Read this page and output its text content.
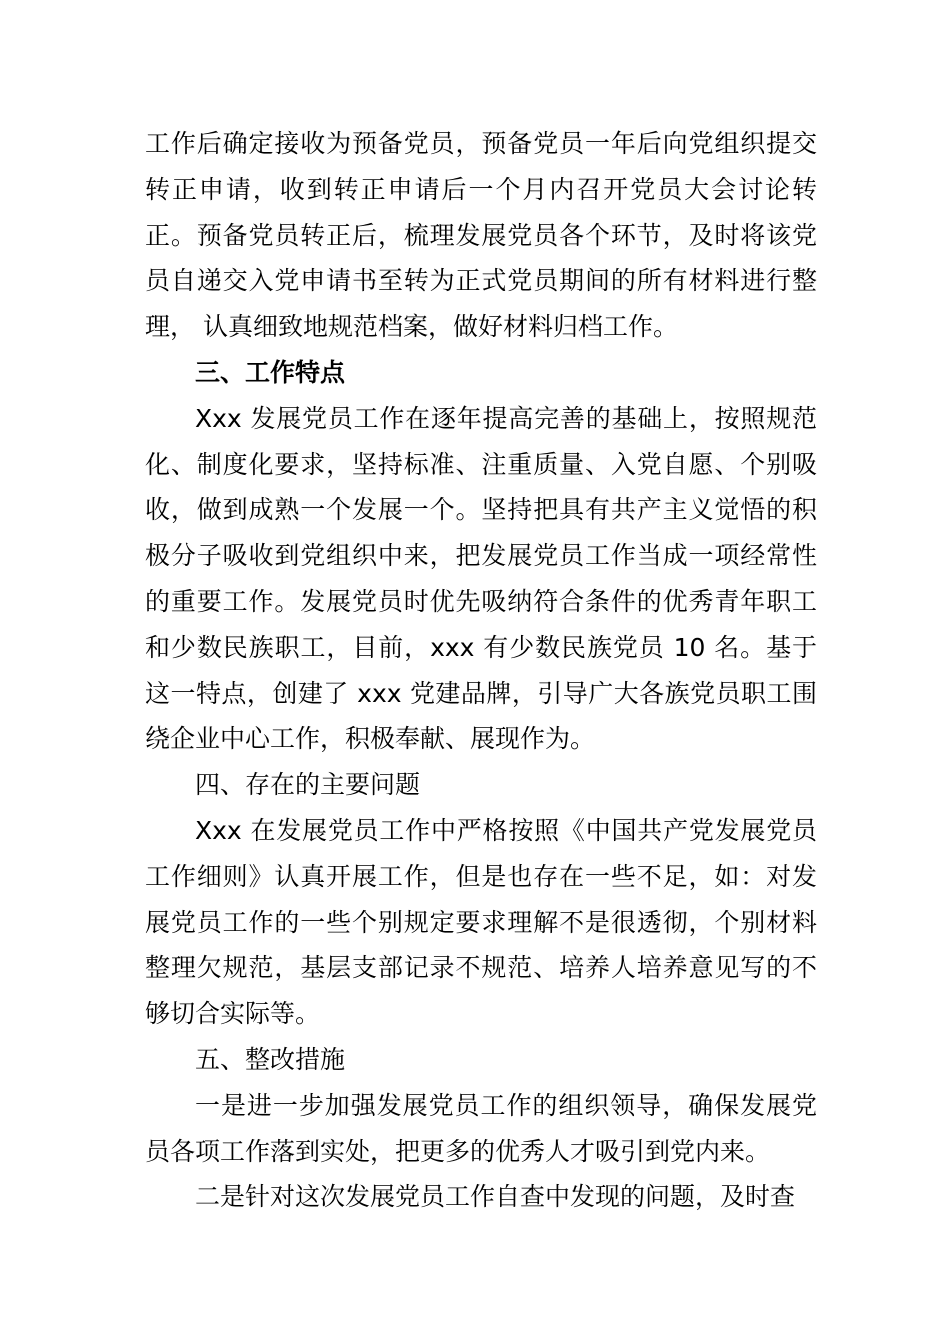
工作后确定接收为预备党员，预备党员一年后向党组织提交转正申请，收到转正申请后一个月内召开党员大会讨论转正。预备党员转正后，梳理发展党员各个环节，及时将该党员自递交入党申请书至转为正式党员期间的所有材料进行整理， 认真细致地规范档案，做好材料归档工作。

三、工作特点

Xxx 发展党员工作在逐年提高完善的基础上，按照规范化、制度化要求，坚持标准、注重质量、入党自愿、个别吸收，做到成熟一个发展一个。坚持把具有共产主义觉悟的积极分子吸收到党组织中来，把发展党员工作当成一项经常性的重要工作。发展党员时优先吸纳符合条件的优秀青年职工和少数民族职工，目前，xxx 有少数民族党员 10 名。基于这一特点，创建了 xxx 党建品牌，引导广大各族党员职工围绕企业中心工作，积极奉献、展现作为。

四、存在的主要问题

Xxx 在发展党员工作中严格按照《中国共产党发展党员工作细则》认真开展工作，但是也存在一些不足，如：对发展党员工作的一些个别规定要求理解不是很透彻，个别材料整理欠规范，基层支部记录不规范、培养人培养意见写的不够切合实际等。

五、整改措施

一是进一步加强发展党员工作的组织领导，确保发展党员各项工作落到实处，把更多的优秀人才吸引到党内来。

二是针对这次发展党员工作自查中发现的问题，及时查
